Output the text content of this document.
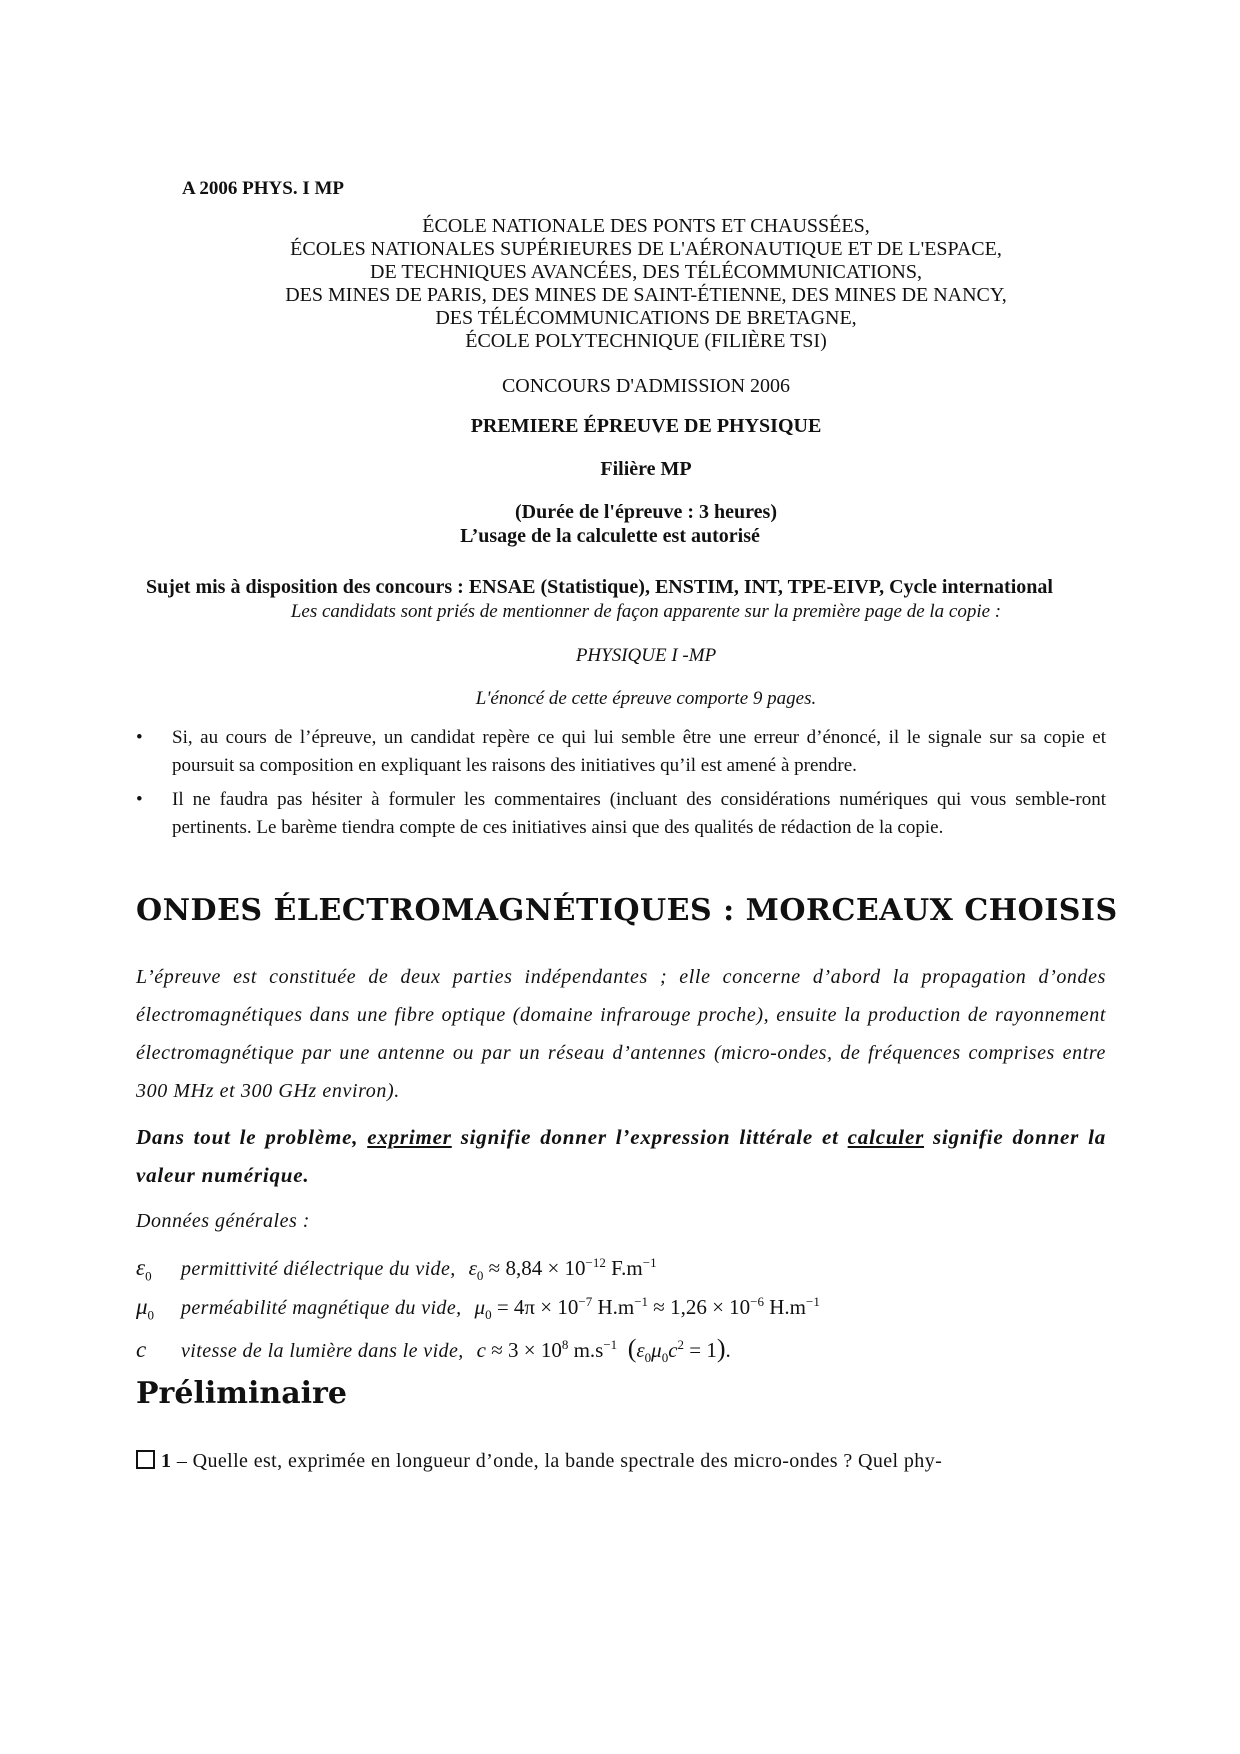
A 2006 PHYS. I MP
ÉCOLE NATIONALE DES PONTS ET CHAUSSÉES,
ÉCOLES NATIONALES SUPÉRIEURES DE L'AÉRONAUTIQUE ET DE L'ESPACE,
DE TECHNIQUES AVANCÉES, DES TÉLÉCOMMUNICATIONS,
DES MINES DE PARIS, DES MINES DE SAINT-ÉTIENNE, DES MINES DE NANCY,
DES TÉLÉCOMMUNICATIONS DE BRETAGNE,
ÉCOLE POLYTECHNIQUE (FILIÈRE TSI)
CONCOURS D'ADMISSION 2006
PREMIERE ÉPREUVE DE PHYSIQUE
Filière MP
(Durée de l'épreuve : 3 heures)
L’usage de la calculette est autorisé
Sujet mis à disposition des concours : ENSAE (Statistique), ENSTIM, INT, TPE-EIVP, Cycle international
Les candidats sont priés de mentionner de façon apparente sur la première page de la copie :
PHYSIQUE I -MP
L'énoncé de cette épreuve comporte 9 pages.
• Si, au cours de l’épreuve, un candidat repère ce qui lui semble être une erreur d’énoncé, il le signale sur sa copie et poursuit sa composition en expliquant les raisons des initiatives qu’il est amené à prendre.
• Il ne faudra pas hésiter à formuler les commentaires (incluant des considérations numériques qui vous semble-ront pertinents. Le barème tiendra compte de ces initiatives ainsi que des qualités de rédaction de la copie.
ONDES ÉLECTROMAGNÉTIQUES : MORCEAUX CHOISIS

L’épreuve est constituée de deux parties indépendantes ; elle concerne d’abord la propagation d’ondes électromagnétiques dans une fibre optique (domaine infrarouge proche), ensuite la production de rayonnement électromagnétique par une antenne ou par un réseau d’antennes (micro-ondes, de fréquences comprises entre 300 MHz et 300 GHz environ).

Dans tout le problème, exprimer signifie donner l’expression littérale et calculer signifie donner la valeur numérique.
Données générales :
$\varepsilon_0$ permittivité diélectrique du vide, $\varepsilon_0 \approx 8,84 \times 10^{-12}$ $F.m^{-1}$
$\mu_0$ perméabilité magnétique du vide, $\mu_0 = 4\pi \times 10^{-7}$ $H.m^{-1} \approx 1,26 \times 10^{-6}$ $H.m^{-1}$
c vitesse de la lumière dans le vide, $c \approx 3 \times 10^8$ $m.s^{-1}$ $(\varepsilon_0\mu_0c^2 = 1)$.
Préliminaire
1 – Quelle est, exprimée en longueur d’onde, la bande spectrale des micro-ondes ? Quel phy-
